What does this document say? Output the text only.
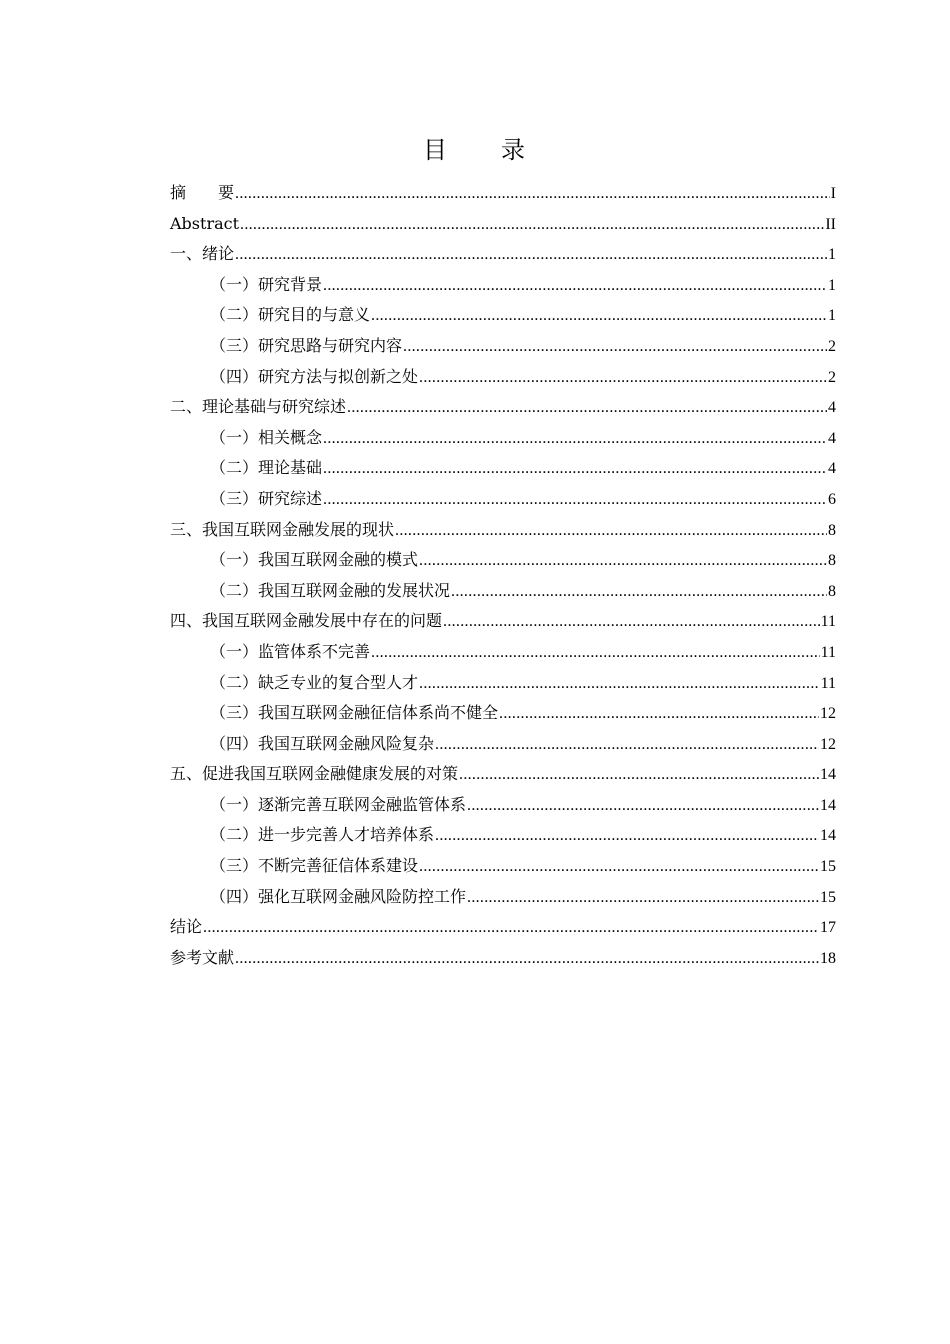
目　　录
摘　　要 .....	I
Abstract .....	II
一、 绪论 .....	1
（一） 研究背景 .....	1
（二） 研究目的与意义 .....	1
（三） 研究思路与研究内容 .....	2
（四） 研究方法与拟创新之处 .....	2
二、 理论基础与研究综述 .....	4
（一） 相关概念 .....	4
（二） 理论基础 .....	4
（三） 研究综述 .....	6
三、 我国互联网金融发展的现状 .....	8
（一） 我国互联网金融的模式 .....	8
（二） 我国互联网金融的发展状况 .....	8
四、 我国互联网金融发展中存在的问题 .....	11
（一） 监管体系不完善 .....	11
（二） 缺乏专业的复合型人才 .....	11
（三） 我国互联网金融征信体系尚不健全 .....	12
（四） 我国互联网金融风险复杂 .....	12
五、 促进我国互联网金融健康发展的对策 .....	14
（一） 逐渐完善互联网金融监管体系 .....	14
（二） 进一步完善人才培养体系 .....	14
（三） 不断完善征信体系建设 .....	15
（四） 强化互联网金融风险防控工作 .....	15
结论 .....	17
参考文献 .....	18
